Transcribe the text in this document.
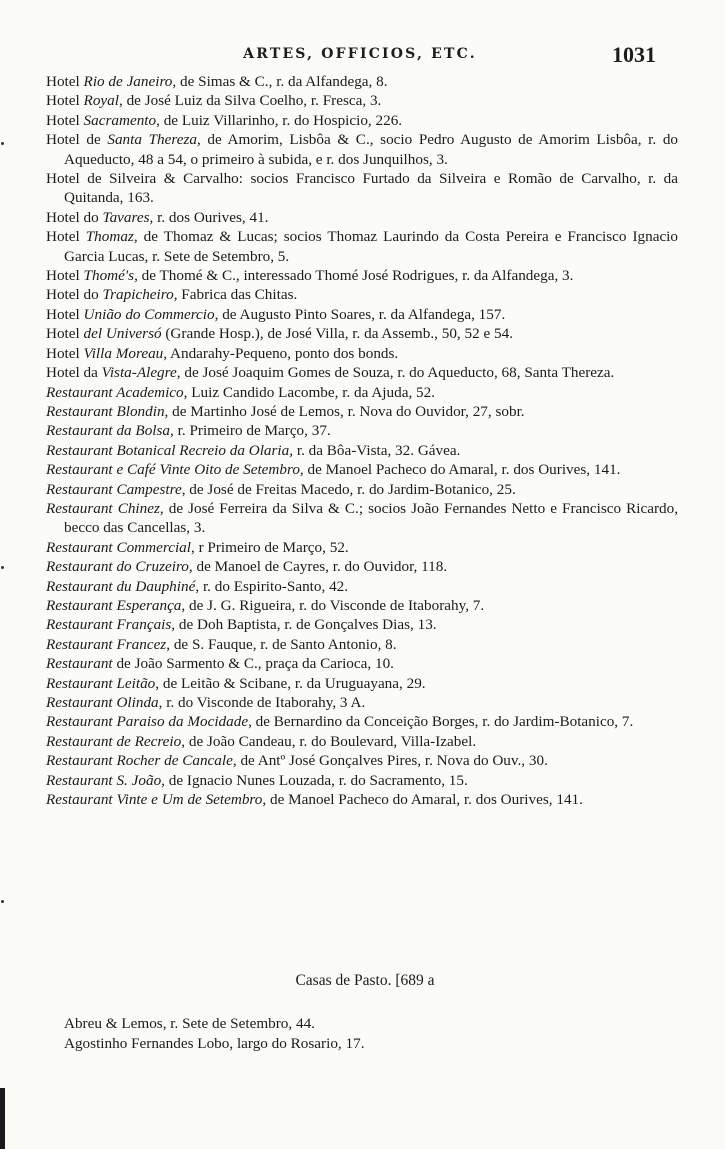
ARTES, OFFICIOS, ETC.	1031
Hotel Rio de Janeiro, de Simas & C., r. da Alfandega, 8.
Hotel Royal, de José Luiz da Silva Coelho, r. Fresca, 3.
Hotel Sacramento, de Luiz Villarinho, r. do Hospicio, 226.
Hotel de Santa Thereza, de Amorim, Lisbôa & C., socio Pedro Augusto de Amorim Lisbôa, r. do Aqueducto, 48 a 54, o primeiro à subida, e r. dos Junquilhos, 3.
Hotel de Silveira & Carvalho: socios Francisco Furtado da Silveira e Romão de Carvalho, r. da Quitanda, 163.
Hotel do Tavares, r. dos Ourives, 41.
Hotel Thomaz, de Thomaz & Lucas; socios Thomaz Laurindo da Costa Pereira e Francisco Ignacio Garcia Lucas, r. Sete de Setembro, 5.
Hotel Thomé's, de Thomé & C., interessado Thomé José Rodrigues, r. da Alfandega, 3.
Hotel do Trapicheiro, Fabrica das Chitas.
Hotel União do Commercio, de Augusto Pinto Soares, r. da Alfandega, 157.
Hotel del Universó (Grande Hosp.), de José Villa, r. da Assemb., 50, 52 e 54.
Hotel Villa Moreau, Andarahy-Pequeno, ponto dos bonds.
Hotel da Vista-Alegre, de José Joaquim Gomes de Souza, r. do Aqueducto, 68, Santa Thereza.
Restaurant Academico, Luiz Candido Lacombe, r. da Ajuda, 52.
Restaurant Blondin, de Martinho José de Lemos, r. Nova do Ouvidor, 27, sobr.
Restaurant da Bolsa, r. Primeiro de Março, 37.
Restaurant Botanical Recreio da Olaria, r. da Bôa-Vista, 32. Gávea.
Restaurant e Café Vinte Oito de Setembro, de Manoel Pacheco do Amaral, r. dos Ourives, 141.
Restaurant Campestre, de José de Freitas Macedo, r. do Jardim-Botanico, 25.
Restaurant Chinez, de José Ferreira da Silva & C.; socios João Fernandes Netto e Francisco Ricardo, becco das Cancellas, 3.
Restaurant Commercial, r Primeiro de Março, 52.
Restaurant do Cruzeiro, de Manoel de Cayres, r. do Ouvidor, 118.
Restaurant du Dauphiné, r. do Espirito-Santo, 42.
Restaurant Esperança, de J. G. Rigueira, r. do Visconde de Itaborahy, 7.
Restaurant Français, de Doh Baptista, r. de Gonçalves Dias, 13.
Restaurant Francez, de S. Fauque, r. de Santo Antonio, 8.
Restaurant de João Sarmento & C., praça da Carioca, 10.
Restaurant Leitão, de Leitão & Scibane, r. da Uruguayana, 29.
Restaurant Olinda, r. do Visconde de Itaborahy, 3 A.
Restaurant Paraiso da Mocidade, de Bernardino da Conceição Borges, r. do Jardim-Botanico, 7.
Restaurant de Recreio, de João Candeau, r. do Boulevard, Villa-Izabel.
Restaurant Rocher de Cancale, de Antº José Gonçalves Pires, r. Nova do Ouv., 30.
Restaurant S. João, de Ignacio Nunes Louzada, r. do Sacramento, 15.
Restaurant Vinte e Um de Setembro, de Manoel Pacheco do Amaral, r. dos Ourives, 141.
Casas de Pasto. [689 a
Abreu & Lemos, r. Sete de Setembro, 44.
Agostinho Fernandes Lobo, largo do Rosario, 17.
